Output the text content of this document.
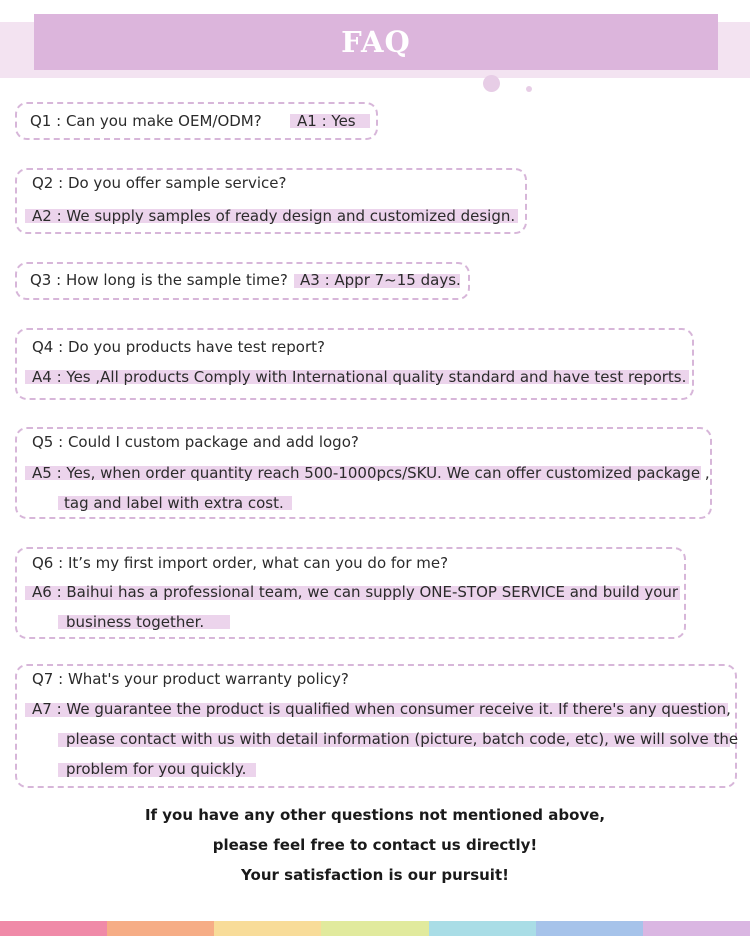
FAQ
Q1 : Can you make OEM/ODM? A1 : Yes
Q2 : Do you offer sample service?
A2 : We supply samples of ready design and customized design.
Q3 : How long is the sample time? A3 : Appr 7~15 days.
Q4 : Do you products have test report?
A4 : Yes ,All products Comply with International quality standard and have test reports.
Q5 : Could I custom package and add logo?
A5 : Yes, when order quantity reach 500-1000pcs/SKU. We can offer customized package ,
tag and label with extra cost.
Q6 : It’s my first import order, what can you do for me?
A6 : Baihui has a professional team, we can supply ONE-STOP SERVICE and build your
business together.
Q7 : What's your product warranty policy?
A7 : We guarantee the product is qualified when consumer receive it. If there's any question,
please contact with us with detail information (picture, batch code, etc), we will solve the
problem for you quickly.
If you have any other questions not mentioned above,
please feel free to contact us directly!
Your satisfaction is our pursuit!
